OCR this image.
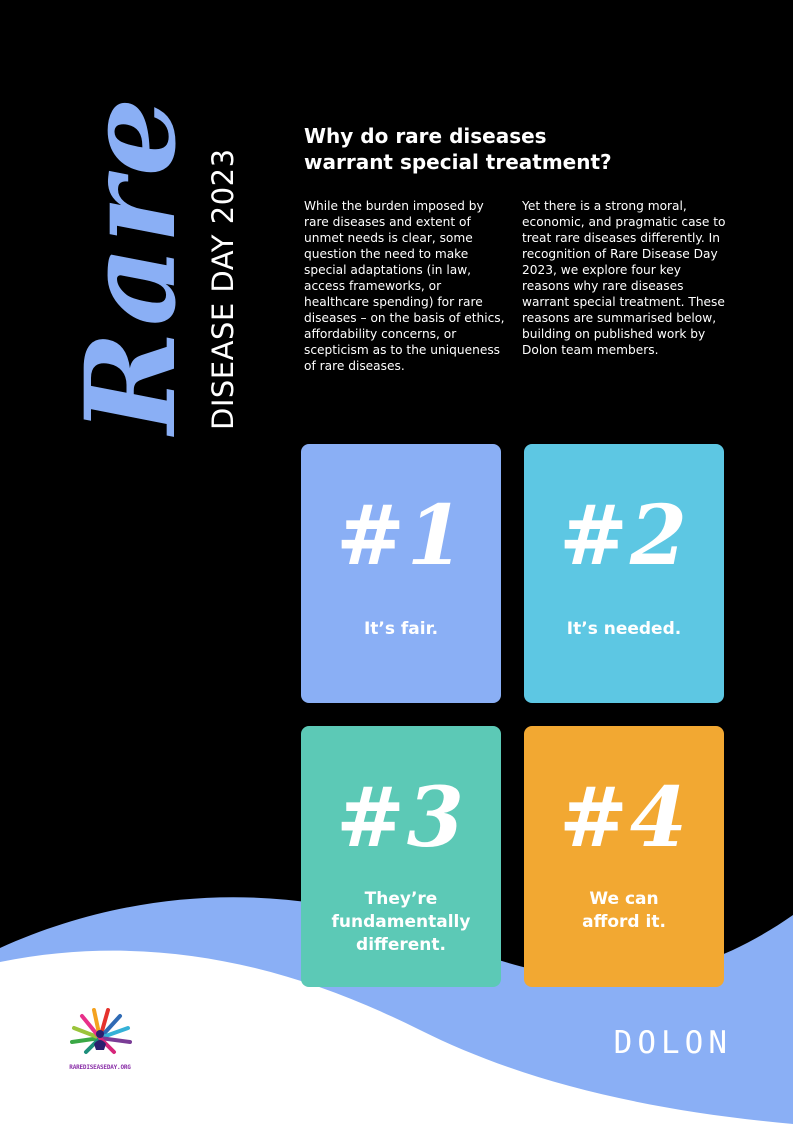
Rare DISEASE DAY 2023
Why do rare diseases
warrant special treatment?
While the burden imposed by rare diseases and extent of unmet needs is clear, some question the need to make special adaptations (in law, access frameworks, or healthcare spending) for rare diseases – on the basis of ethics, affordability concerns, or scepticism as to the uniqueness of rare diseases.
Yet there is a strong moral, economic, and pragmatic case to treat rare diseases differently. In recognition of Rare Disease Day 2023, we explore four key reasons why rare diseases warrant special treatment. These reasons are summarised below, building on published work by Dolon team members.
#1
It’s fair.
#2
It’s needed.
#3
They’re
fundamentally
different.
#4
We can
afford it.
RAREDISEASEDAY.ORG
DOLON
